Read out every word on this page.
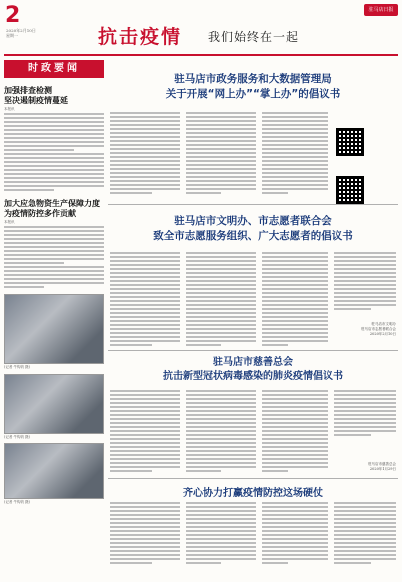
2
2020年2月10日
星期一	抗击疫情 我们始终在一起
驻马店日报
时政要闻
加强排查检测
坚决遏制疫情蔓延
本报讯
加大应急物资生产保障力度
为疫情防控多作贡献
本报讯
(记者 牛钩钧 摄)
(记者 牛钩钧 摄)
(记者 牛钩钧 摄)
驻马店市政务服务和大数据管理局
关于开展“网上办”“掌上办”的倡议书
驻马店市文明办、市志愿者联合会
致全市志愿服务组织、广大志愿者的倡议书
驻马店市文明办
驻马店市志愿者联合会
2020年2月10日
驻马店市慈善总会
抗击新型冠状病毒感染的肺炎疫情倡议书
驻马店市慈善总会
2020年1月29日
齐心协力打赢疫情防控这场硬仗
